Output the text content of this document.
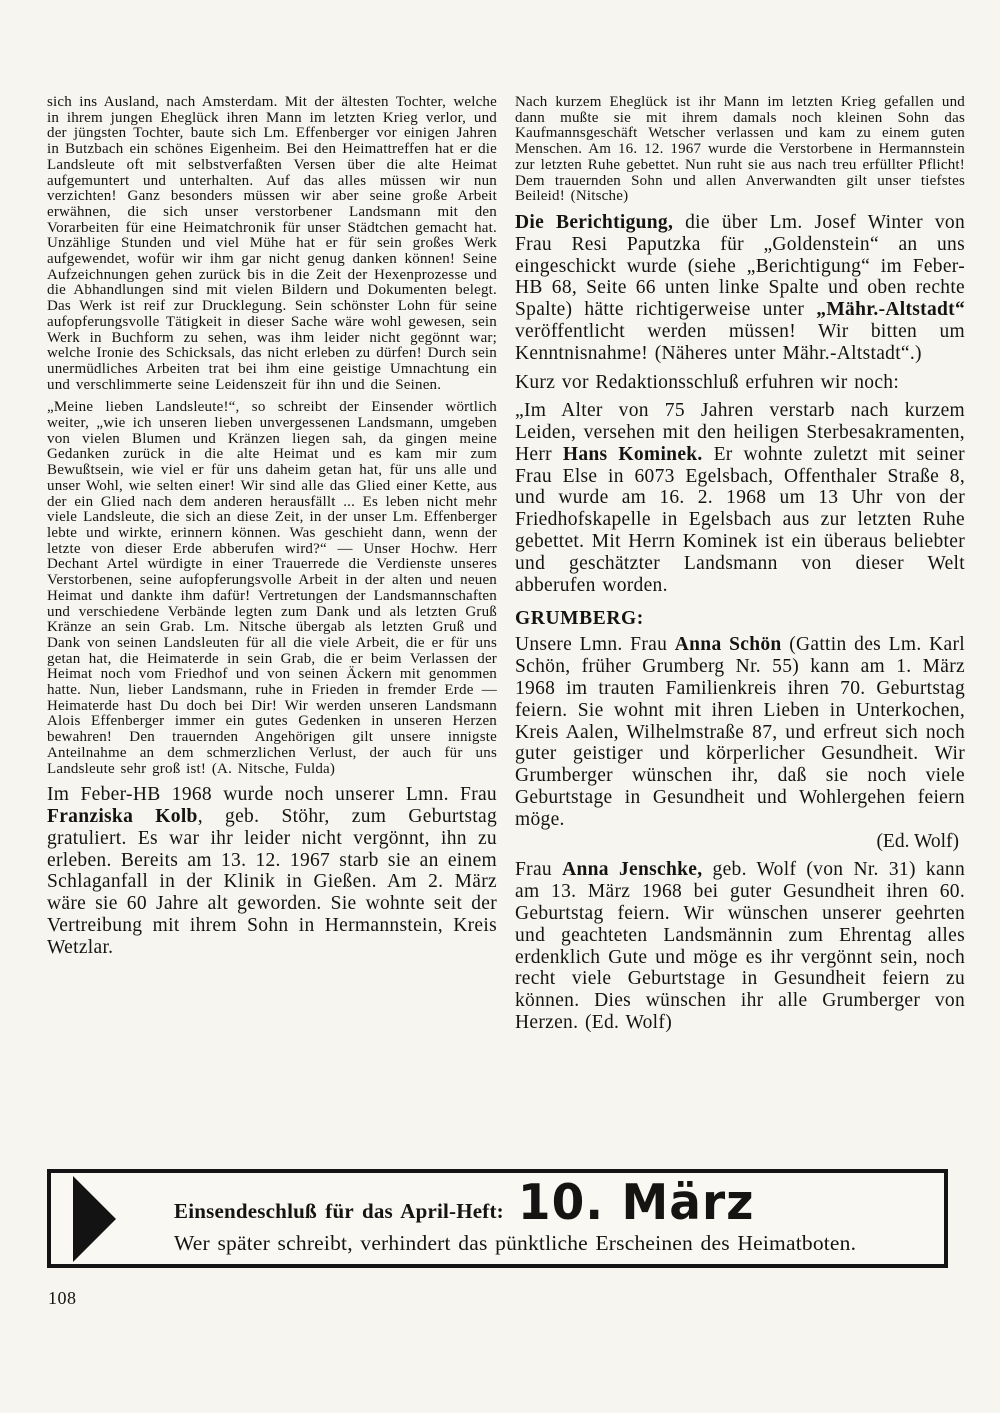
sich ins Ausland, nach Amsterdam. Mit der ältesten Tochter, welche in ihrem jungen Eheglück ihren Mann im letzten Krieg verlor, und der jüngsten Tochter, baute sich Lm. Effenberger vor einigen Jahren in Butzbach ein schönes Eigenheim. Bei den Heimattreffen hat er die Landsleute oft mit selbstverfaßten Versen über die alte Heimat aufgemuntert und unterhalten. Auf das alles müssen wir nun verzichten! Ganz besonders müssen wir aber seine große Arbeit erwähnen, die sich unser verstorbener Landsmann mit den Vorarbeiten für eine Heimatchronik für unser Städtchen gemacht hat. Unzählige Stunden und viel Mühe hat er für sein großes Werk aufgewendet, wofür wir ihm gar nicht genug danken können! Seine Aufzeichnungen gehen zurück bis in die Zeit der Hexenprozesse und die Abhandlungen sind mit vielen Bildern und Dokumenten belegt. Das Werk ist reif zur Drucklegung. Sein schönster Lohn für seine aufopferungsvolle Tätigkeit in dieser Sache wäre wohl gewesen, sein Werk in Buchform zu sehen, was ihm leider nicht gegönnt war; welche Ironie des Schicksals, das nicht erleben zu dürfen! Durch sein unermüdliches Arbeiten trat bei ihm eine geistige Umnachtung ein und verschlimmerte seine Leidenszeit für ihn und die Seinen.

„Meine lieben Landsleute!“, so schreibt der Einsender wörtlich weiter, „wie ich unseren lieben unvergessenen Landsmann, umgeben von vielen Blumen und Kränzen liegen sah, da gingen meine Gedanken zurück in die alte Heimat und es kam mir zum Bewußtsein, wie viel er für uns daheim getan hat, für uns alle und unser Wohl, wie selten einer! Wir sind alle das Glied einer Kette, aus der ein Glied nach dem anderen herausfällt ... Es leben nicht mehr viele Landsleute, die sich an diese Zeit, in der unser Lm. Effenberger lebte und wirkte, erinnern können. Was geschieht dann, wenn der letzte von dieser Erde abberufen wird?“ — Unser Hochw. Herr Dechant Artel würdigte in einer Trauerrede die Verdienste unseres Verstorbenen, seine aufopferungsvolle Arbeit in der alten und neuen Heimat und dankte ihm dafür! Vertretungen der Landsmannschaften und verschiedene Verbände legten zum Dank und als letzten Gruß Kränze an sein Grab. Lm. Nitsche übergab als letzten Gruß und Dank von seinen Landsleuten für all die viele Arbeit, die er für uns getan hat, die Heimaterde in sein Grab, die er beim Verlassen der Heimat noch vom Friedhof und von seinen Äckern mit genommen hatte. Nun, lieber Landsmann, ruhe in Frieden in fremder Erde — Heimaterde hast Du doch bei Dir! Wir werden unseren Landsmann Alois Effenberger immer ein gutes Gedenken in unseren Herzen bewahren! Den trauernden Angehörigen gilt unsere innigste Anteilnahme an dem schmerzlichen Verlust, der auch für uns Landsleute sehr groß ist! (A. Nitsche, Fulda)

Im Feber-HB 1968 wurde noch unserer Lmn. Frau Franziska Kolb, geb. Stöhr, zum Geburtstag gratuliert. Es war ihr leider nicht vergönnt, ihn zu erleben. Bereits am 13. 12. 1967 starb sie an einem Schlaganfall in der Klinik in Gießen. Am 2. März wäre sie 60 Jahre alt geworden. Sie wohnte seit der Vertreibung mit ihrem Sohn in Hermannstein, Kreis Wetzlar.

Nach kurzem Eheglück ist ihr Mann im letzten Krieg gefallen und dann mußte sie mit ihrem damals noch kleinen Sohn das Kaufmannsgeschäft Wetscher verlassen und kam zu einem guten Menschen. Am 16. 12. 1967 wurde die Verstorbene in Hermannstein zur letzten Ruhe gebettet. Nun ruht sie aus nach treu erfüllter Pflicht! Dem trauernden Sohn und allen Anverwandten gilt unser tiefstes Beileid! (Nitsche)

Die Berichtigung, die über Lm. Josef Winter von Frau Resi Paputzka für „Goldenstein“ an uns eingeschickt wurde (siehe „Berichtigung“ im Feber-HB 68, Seite 66 unten linke Spalte und oben rechte Spalte) hätte richtigerweise unter „Mähr.-Altstadt“ veröffentlicht werden müssen! Wir bitten um Kenntnisnahme! (Näheres unter Mähr.-Altstadt“.)

Kurz vor Redaktionsschluß erfuhren wir noch:

„Im Alter von 75 Jahren verstarb nach kurzem Leiden, versehen mit den heiligen Sterbesakramenten, Herr Hans Kominek. Er wohnte zuletzt mit seiner Frau Else in 6073 Egelsbach, Offenthaler Straße 8, und wurde am 16. 2. 1968 um 13 Uhr von der Friedhofskapelle in Egelsbach aus zur letzten Ruhe gebettet. Mit Herrn Kominek ist ein überaus beliebter und geschätzter Landsmann von dieser Welt abberufen worden.

GRUMBERG:

Unsere Lmn. Frau Anna Schön (Gattin des Lm. Karl Schön, früher Grumberg Nr. 55) kann am 1. März 1968 im trauten Familienkreis ihren 70. Geburtstag feiern. Sie wohnt mit ihren Lieben in Unterkochen, Kreis Aalen, Wilhelmstraße 87, und erfreut sich noch guter geistiger und körperlicher Gesundheit. Wir Grumberger wünschen ihr, daß sie noch viele Geburtstage in Gesundheit und Wohlergehen feiern möge.

(Ed. Wolf)

Frau Anna Jenschke, geb. Wolf (von Nr. 31) kann am 13. März 1968 bei guter Gesundheit ihren 60. Geburtstag feiern. Wir wünschen unserer geehrten und geachteten Landsmännin zum Ehrentag alles erdenklich Gute und möge es ihr vergönnt sein, noch recht viele Geburtstage in Gesundheit feiern zu können. Dies wünschen ihr alle Grumberger von Herzen. (Ed. Wolf)

Einsendeschluß für das April-Heft: 10. März
Wer später schreibt, verhindert das pünktliche Erscheinen des Heimatboten.
108
